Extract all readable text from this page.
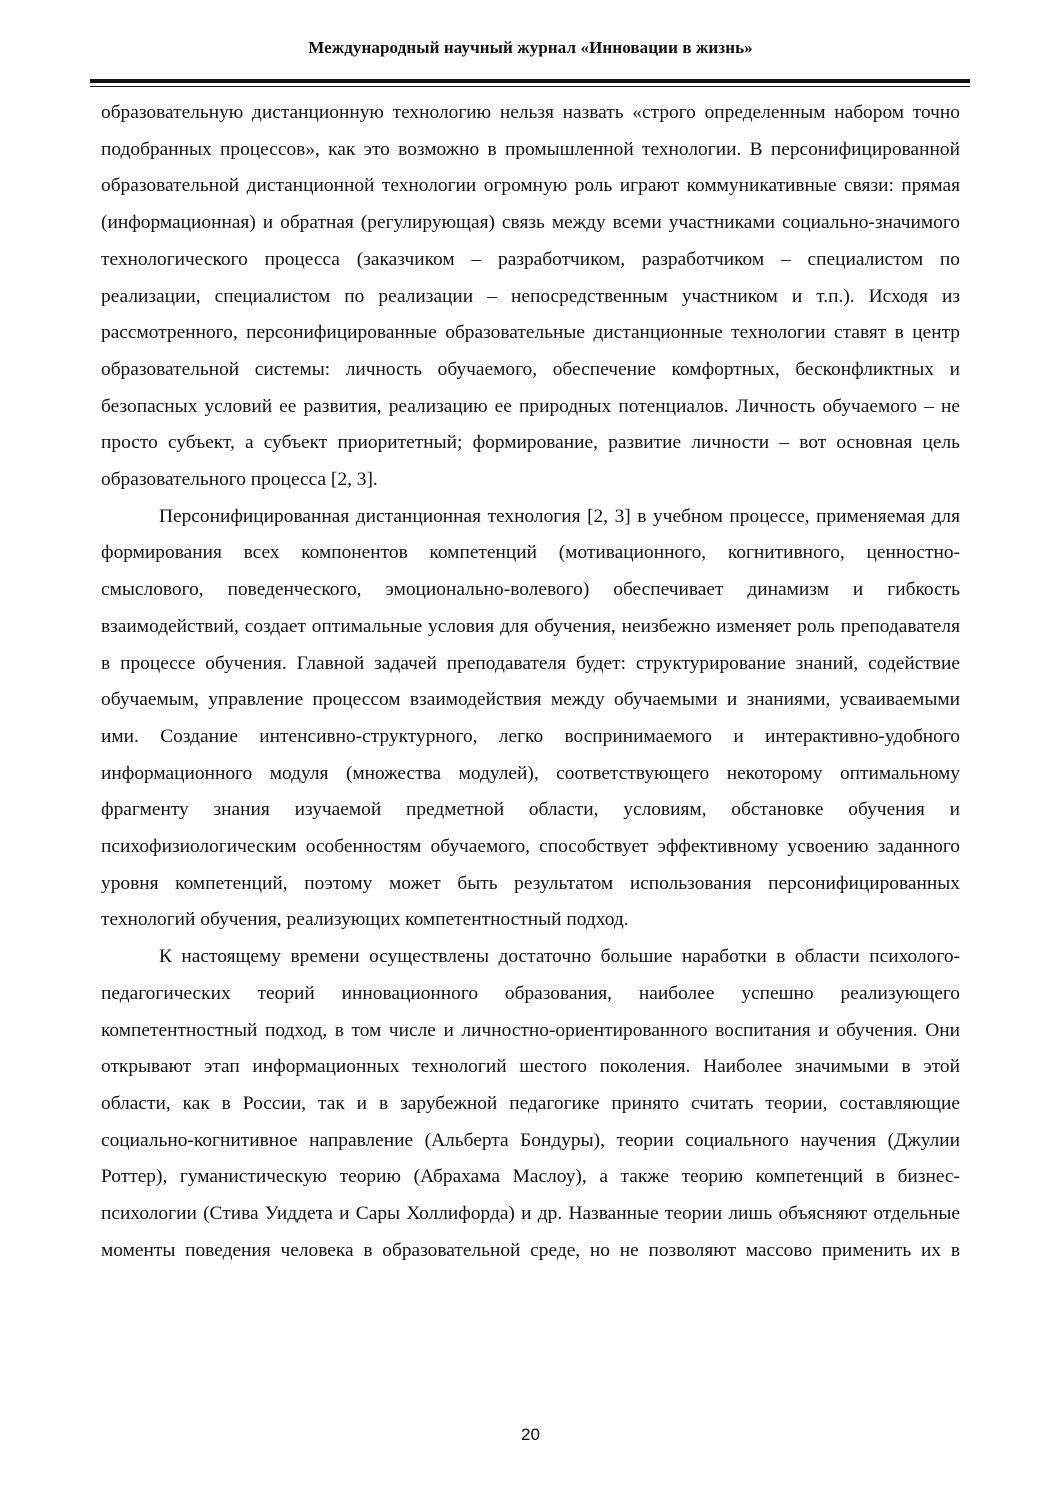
Международный научный журнал «Инновации в жизнь»

образовательную дистанционную технологию нельзя назвать «строго определенным набором точно подобранных процессов», как это возможно в промышленной технологии. В персонифицированной образовательной дистанционной технологии огромную роль играют коммуникативные связи: прямая (информационная) и обратная (регулирующая) связь между всеми участниками социально-значимого технологического процесса (заказчиком – разработчиком, разработчиком – специалистом по реализации, специалистом по реализации – непосредственным участником и т.п.). Исходя из рассмотренного, персонифицированные образовательные дистанционные технологии ставят в центр образовательной системы: личность обучаемого, обеспечение комфортных, бесконфликтных и безопасных условий ее развития, реализацию ее природных потенциалов. Личность обучаемого – не просто субъект, а субъект приоритетный; формирование, развитие личности – вот основная цель образовательного процесса [2, 3].

Персонифицированная дистанционная технология [2, 3] в учебном процессе, применяемая для формирования всех компонентов компетенций (мотивационного, когнитивного, ценностно-смыслового, поведенческого, эмоционально-волевого) обеспечивает динамизм и гибкость взаимодействий, создает оптимальные условия для обучения, неизбежно изменяет роль преподавателя в процессе обучения. Главной задачей преподавателя будет: структурирование знаний, содействие обучаемым, управление процессом взаимодействия между обучаемыми и знаниями, усваиваемыми ими. Создание интенсивно-структурного, легко воспринимаемого и интерактивно-удобного информационного модуля (множества модулей), соответствующего некоторому оптимальному фрагменту знания изучаемой предметной области, условиям, обстановке обучения и психофизиологическим особенностям обучаемого, способствует эффективному усвоению заданного уровня компетенций, поэтому может быть результатом использования персонифицированных технологий обучения, реализующих компетентностный подход.

К настоящему времени осуществлены достаточно большие наработки в области психолого-педагогических теорий инновационного образования, наиболее успешно реализующего компетентностный подход, в том числе и личностно-ориентированного воспитания и обучения. Они открывают этап информационных технологий шестого поколения. Наиболее значимыми в этой области, как в России, так и в зарубежной педагогике принято считать теории, составляющие социально-когнитивное направление (Альберта Бондуры), теории социального научения (Джулии Роттер), гуманистическую теорию (Абрахама Маслоу), а также теорию компетенций в бизнес-психологии (Стива Уиддета и Сары Холлифорда) и др. Названные теории лишь объясняют отдельные моменты поведения человека в образовательной среде, но не позволяют массово применить их в

20
